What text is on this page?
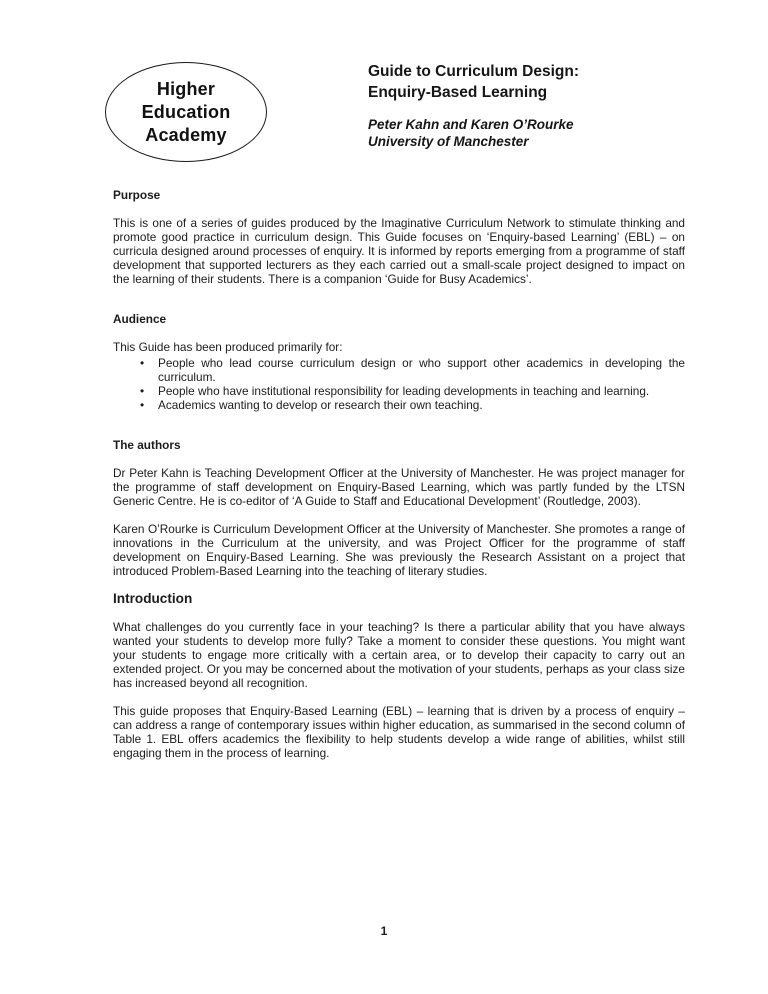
Higher
Education
Academy
Guide to Curriculum Design:
Enquiry-Based Learning
Peter Kahn and Karen O’Rourke
University of Manchester
Purpose

This is one of a series of guides produced by the Imaginative Curriculum Network to stimulate thinking and promote good practice in curriculum design. This Guide focuses on ‘Enquiry-based Learning’ (EBL) – on curricula designed around processes of enquiry. It is informed by reports emerging from a programme of staff development that supported lecturers as they each carried out a small-scale project designed to impact on the learning of their students. There is a companion ‘Guide for Busy Academics’.

Audience

This Guide has been produced primarily for:

• People who lead course curriculum design or who support other academics in developing the curriculum.
• People who have institutional responsibility for leading developments in teaching and learning.
• Academics wanting to develop or research their own teaching.
The authors

Dr Peter Kahn is Teaching Development Officer at the University of Manchester. He was project manager for the programme of staff development on Enquiry-Based Learning, which was partly funded by the LTSN Generic Centre. He is co-editor of ‘A Guide to Staff and Educational Development’ (Routledge, 2003).

Karen O’Rourke is Curriculum Development Officer at the University of Manchester. She promotes a range of innovations in the Curriculum at the university, and was Project Officer for the programme of staff development on Enquiry-Based Learning. She was previously the Research Assistant on a project that introduced Problem-Based Learning into the teaching of literary studies.

Introduction

What challenges do you currently face in your teaching? Is there a particular ability that you have always wanted your students to develop more fully? Take a moment to consider these questions. You might want your students to engage more critically with a certain area, or to develop their capacity to carry out an extended project. Or you may be concerned about the motivation of your students, perhaps as your class size has increased beyond all recognition.

This guide proposes that Enquiry-Based Learning (EBL) – learning that is driven by a process of enquiry – can address a range of contemporary issues within higher education, as summarised in the second column of Table 1. EBL offers academics the flexibility to help students develop a wide range of abilities, whilst still engaging them in the process of learning.

1
